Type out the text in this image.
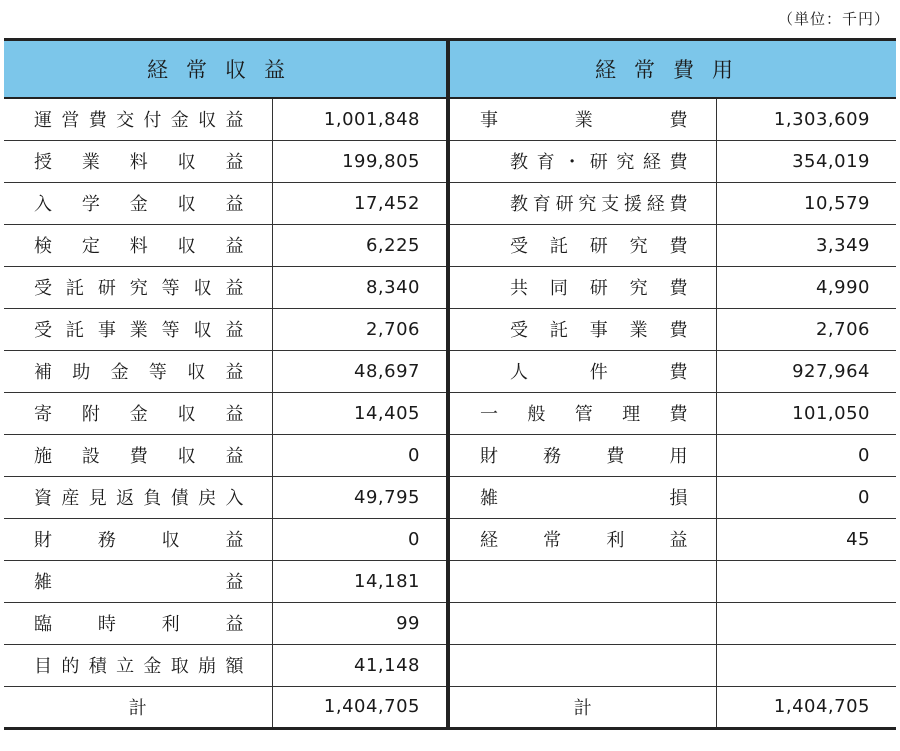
（単位：千円）
経常収益		経常費用	
運営費交付金収益	1,001,848	事業費	1,303,609
授業料収益	199,805	教育・研究経費	354,019
入学金収益	17,452	教育研究支援経費	10,579
検定料収益	6,225	受託研究費	3,349
受託研究等収益	8,340	共同研究費	4,990
受託事業等収益	2,706	受託事業費	2,706
補助金等収益	48,697	人件費	927,964
寄附金収益	14,405	一般管理費	101,050
施設費収益	0	財務費用	0
資産見返負債戻入	49,795	雑損	0
財務収益	0	経常利益	45
雑益	14,181		
臨時利益	99		
目的積立金取崩額	41,148		
計	1,404,705	計	1,404,705
